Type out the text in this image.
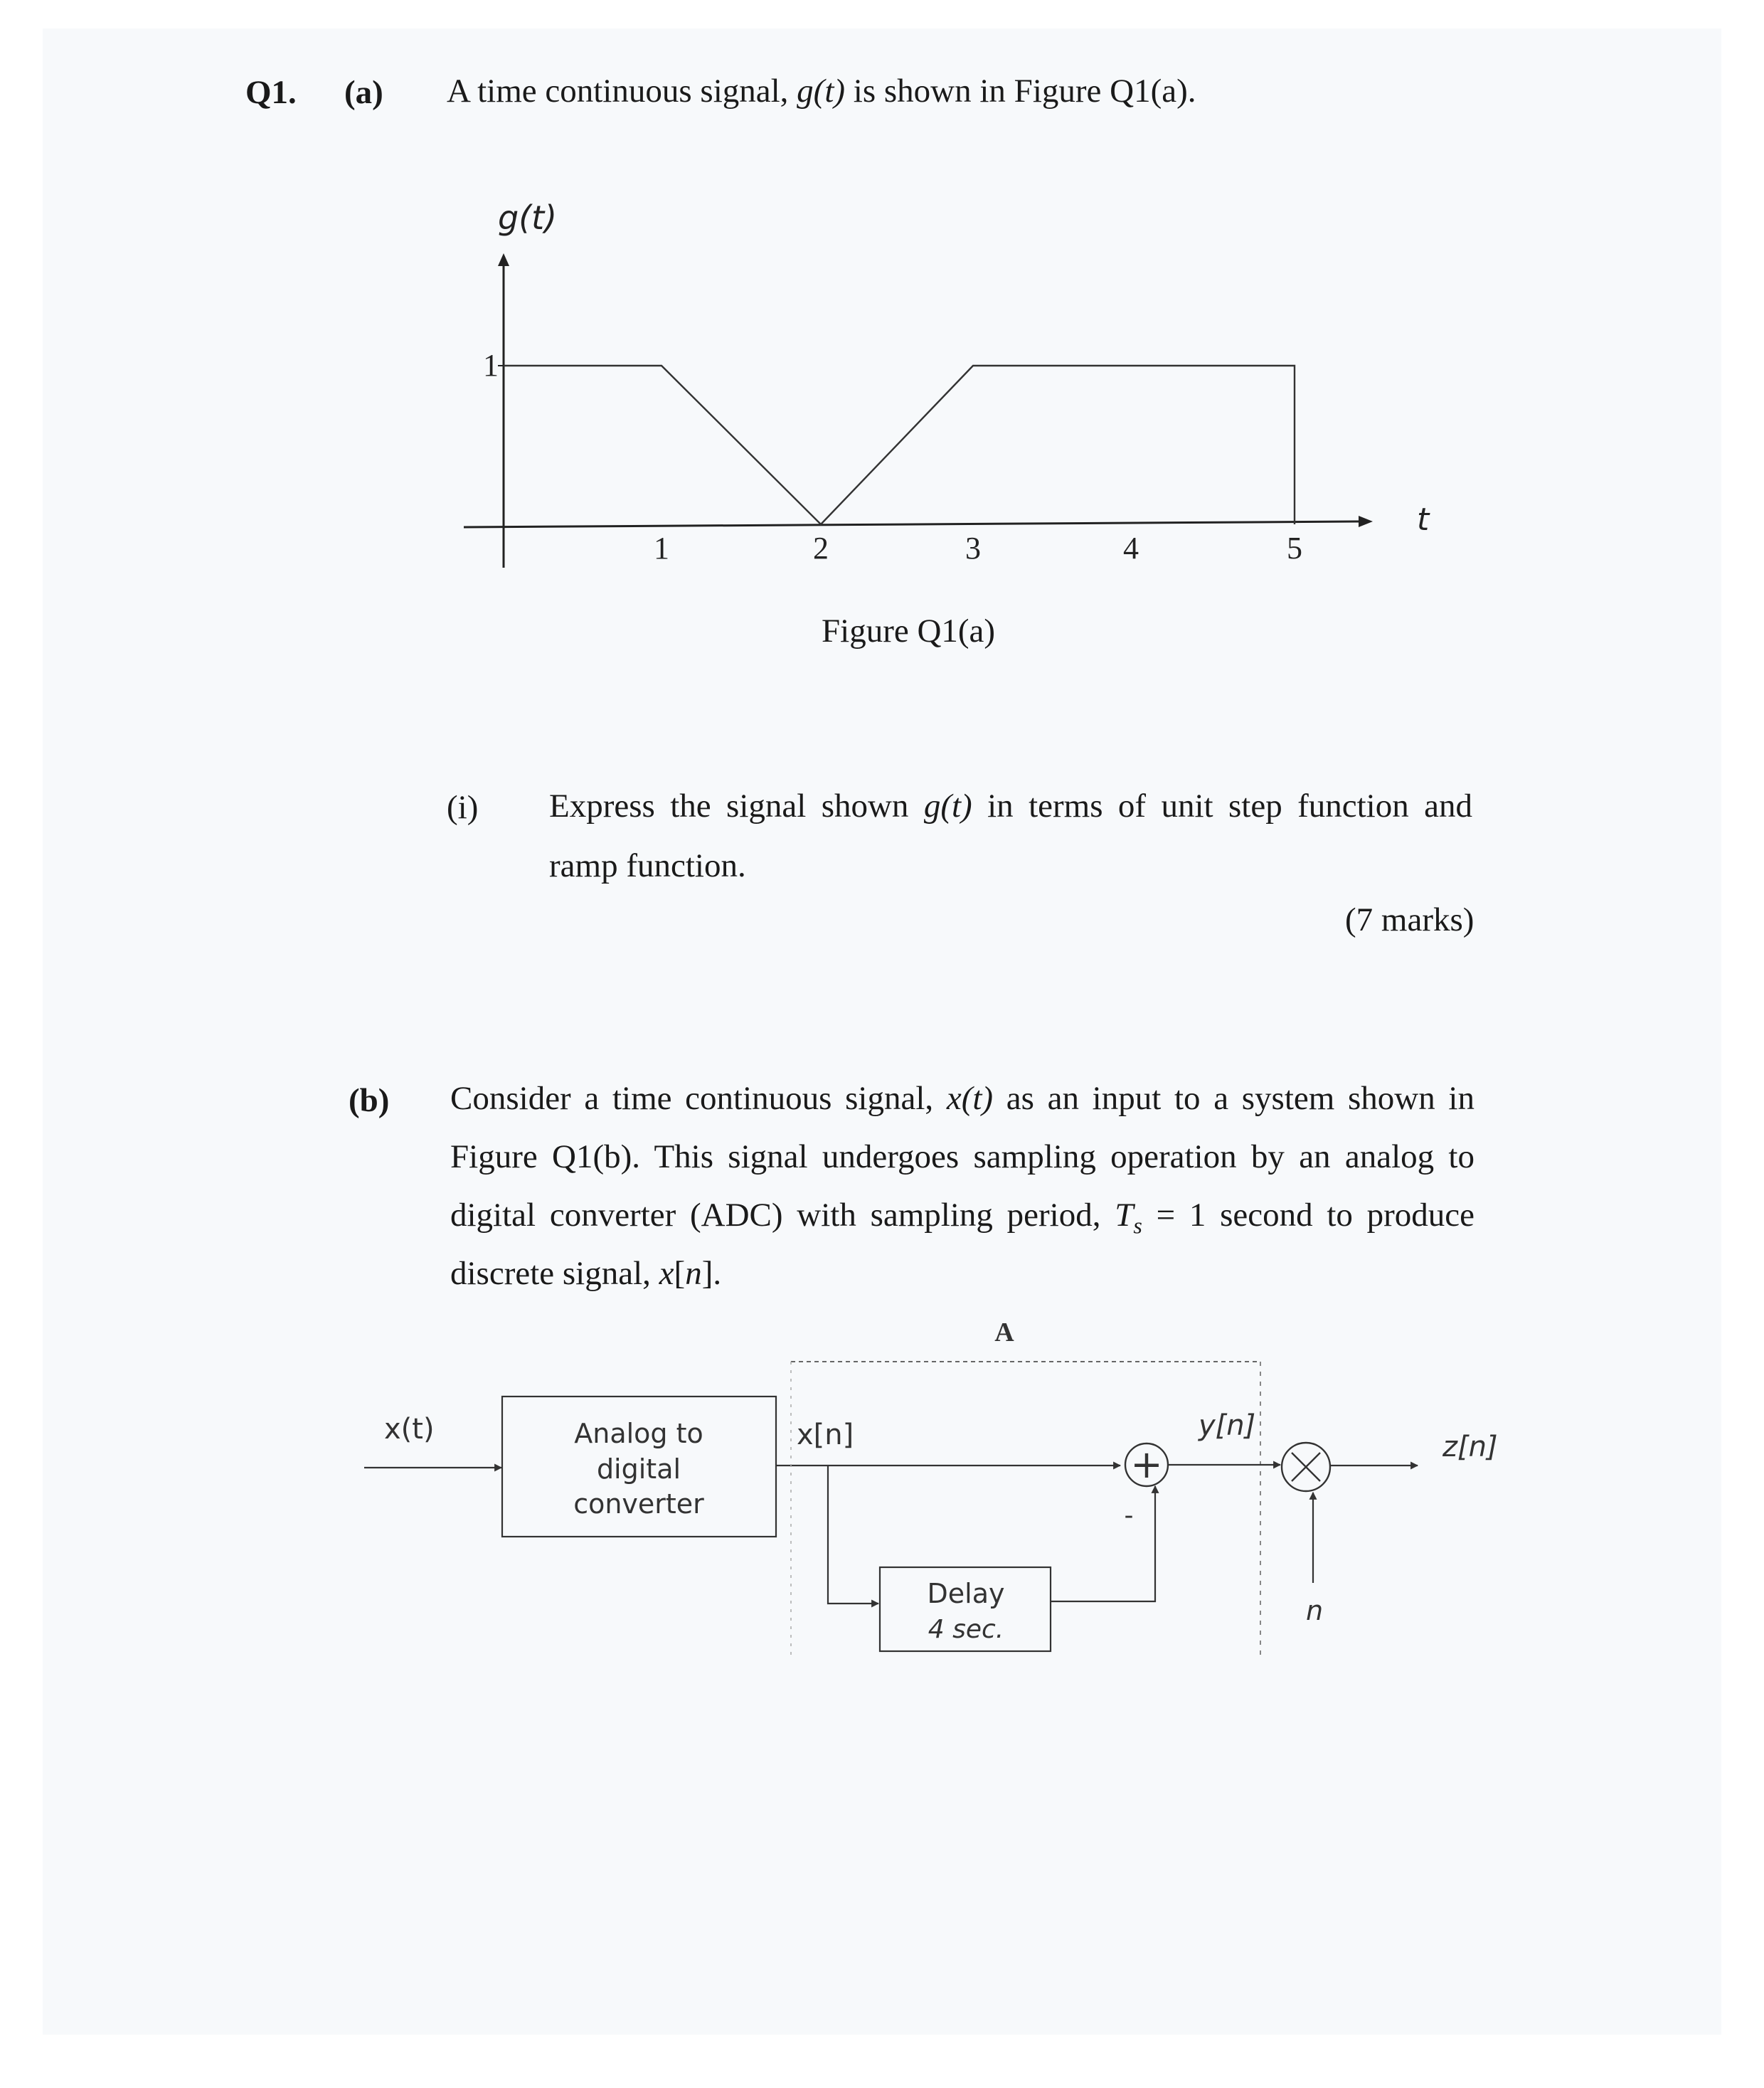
Q1. (a) A time continuous signal, g(t) is shown in Figure Q1(a).
g(t)
t
1	2	3	4	5
1
Figure Q1(a)
(i) Express the signal shown g(t) in terms of unit step function and
ramp function.
(7 marks)
(b) Consider a time continuous signal, x(t) as an input to a system shown in
Figure Q1(b). This signal undergoes sampling operation by an analog to
digital converter (ADC) with sampling period, $T_s = 1$ second to produce
discrete signal, x[n].
x(t)	Analog to
digital
converter
x[n]
A
Delay
4 sec.
+
-
y[n]
n
z[n]
